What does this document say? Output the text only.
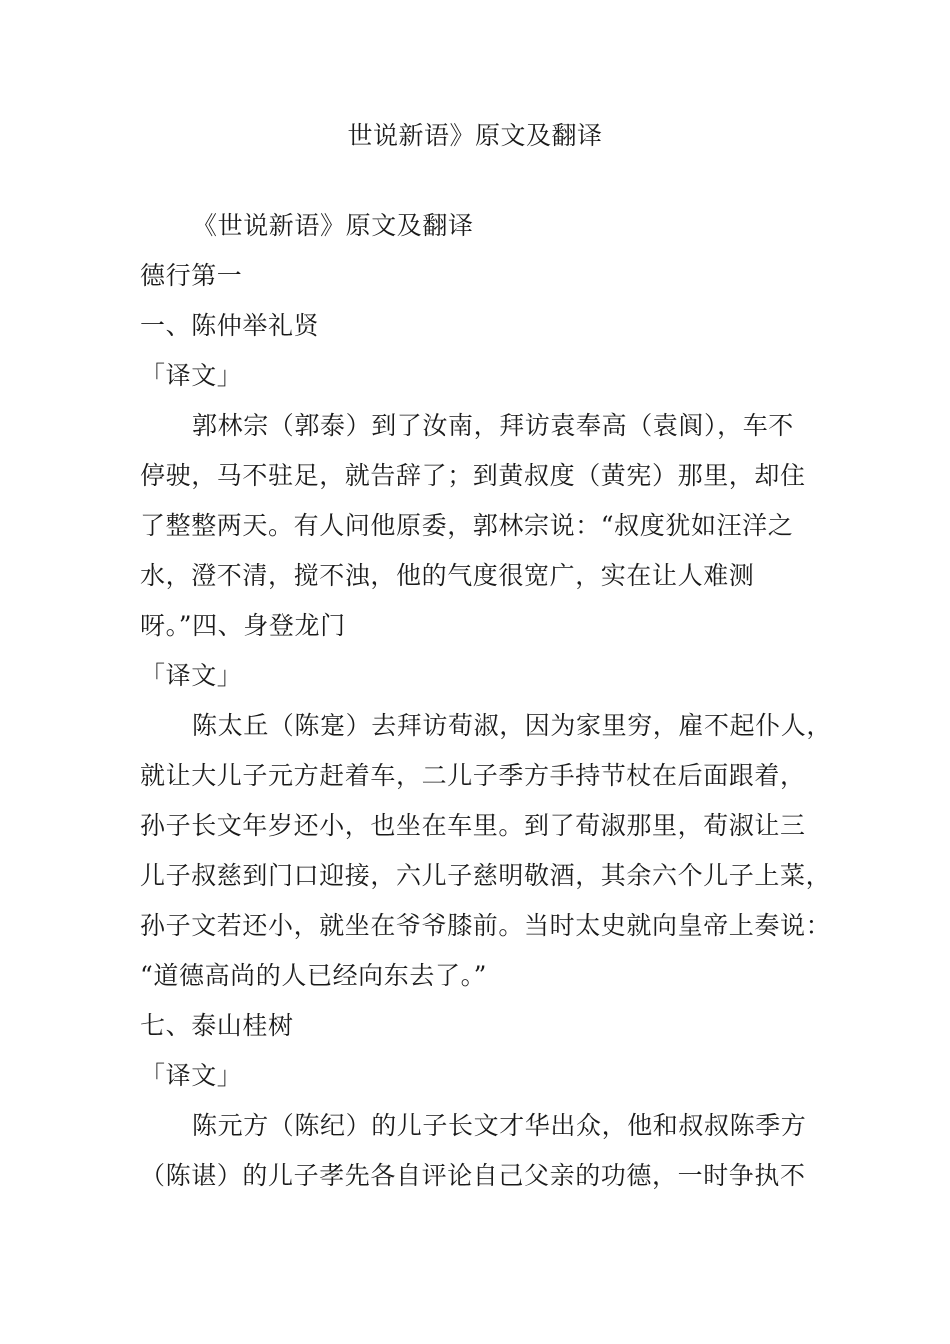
世说新语》原文及翻译
《世说新语》原文及翻译
德行第一
一、陈仲举礼贤
「译文」
郭林宗（郭泰）到了汝南，拜访袁奉高（袁阆），车不
停驶，马不驻足，就告辞了；到黄叔度（黄宪）那里，却住
了整整两天。有人问他原委，郭林宗说：“叔度犹如汪洋之
水，澄不清，搅不浊，他的气度很宽广，实在让人难测
呀。”四、身登龙门
「译文」
陈太丘（陈寔）去拜访荀淑，因为家里穷，雇不起仆人，
就让大儿子元方赶着车，二儿子季方手持节杖在后面跟着，
孙子长文年岁还小，也坐在车里。到了荀淑那里，荀淑让三
儿子叔慈到门口迎接，六儿子慈明敬酒，其余六个儿子上菜，
孙子文若还小，就坐在爷爷膝前。当时太史就向皇帝上奏说：
“道德高尚的人已经向东去了。”
七、泰山桂树
「译文」
陈元方（陈纪）的儿子长文才华出众，他和叔叔陈季方
（陈谌）的儿子孝先各自评论自己父亲的功德，一时争执不
